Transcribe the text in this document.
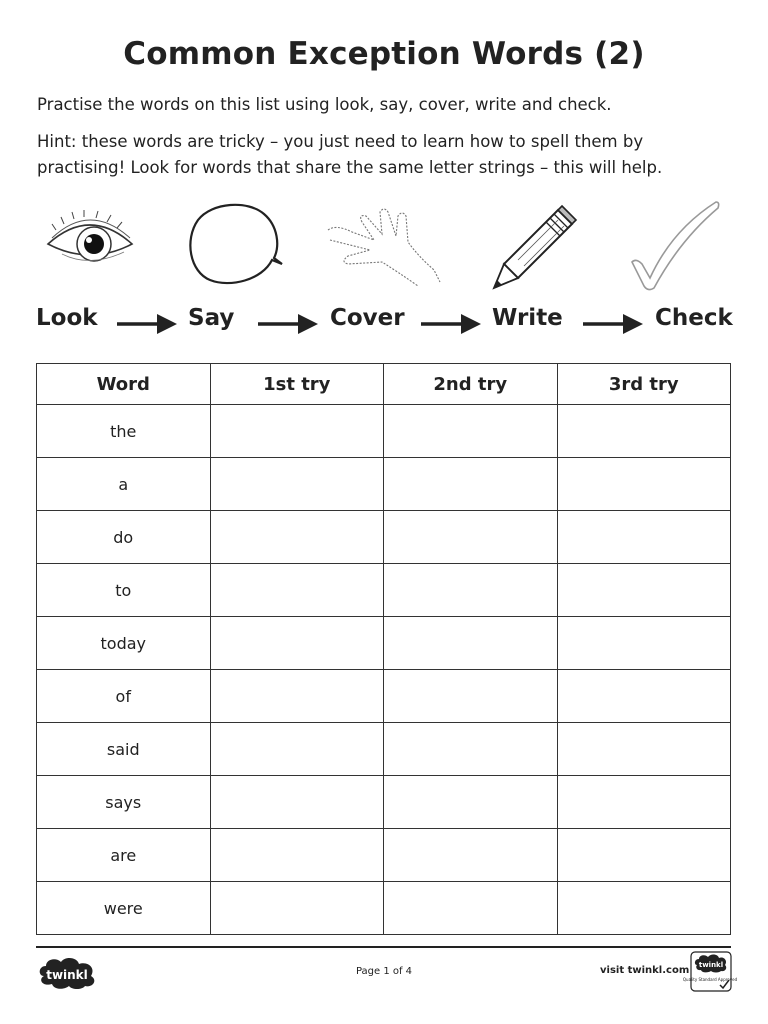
Common Exception Words (2)
Practise the words on this list using look, say, cover, write and check.
Hint: these words are tricky – you just need to learn how to spell them by
practising! Look for words that share the same letter strings – this will help.
Look	Say	Cover	Write	Check
Word	1st try	2nd try	3rd try
the			
a			
do			
to			
today			
of			
said			
says			
are			
were			
twinkl	Page 1 of 4	visit twinkl.com twinkl
Quality Standard Approved
